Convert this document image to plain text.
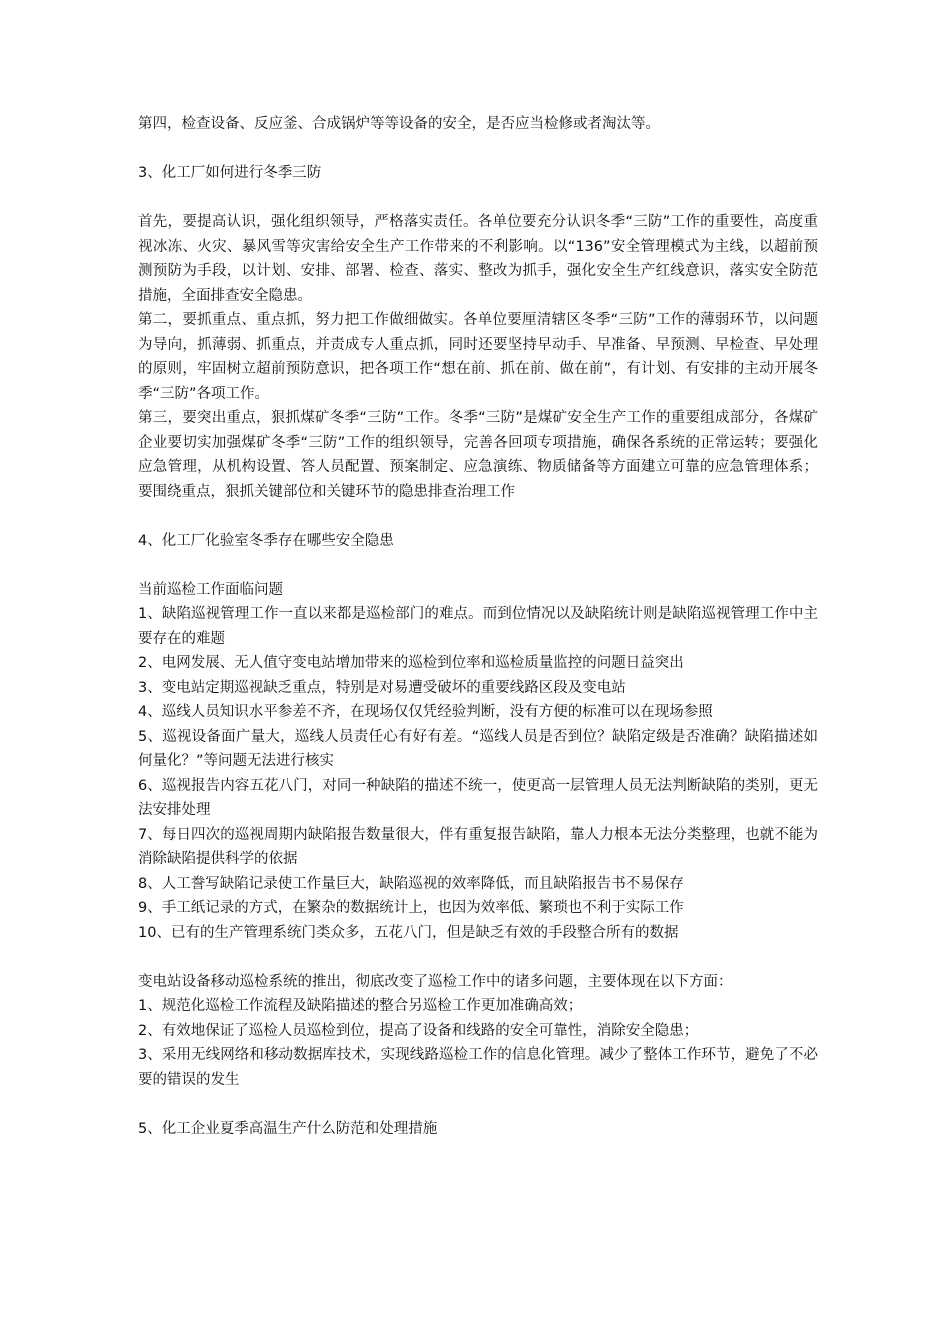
第四，检查设备、反应釜、合成锅炉等等设备的安全，是否应当检修或者淘汰等。

3、化工厂如何进行冬季三防

首先，要提高认识，强化组织领导，严格落实责任。各单位要充分认识冬季“三防”工作的重要性，高度重视冰冻、火灾、暴风雪等灾害给安全生产工作带来的不利影响。以“136”安全管理模式为主线，以超前预测预防为手段，以计划、安排、部署、检查、落实、整改为抓手，强化安全生产红线意识，落实安全防范措施，全面排查安全隐患。

第二，要抓重点、重点抓，努力把工作做细做实。各单位要厘清辖区冬季“三防”工作的薄弱环节，以问题为导向，抓薄弱、抓重点，并责成专人重点抓，同时还要坚持早动手、早准备、早预测、早检查、早处理的原则，牢固树立超前预防意识，把各项工作“想在前、抓在前、做在前”，有计划、有安排的主动开展冬季“三防”各项工作。

第三，要突出重点，狠抓煤矿冬季“三防”工作。冬季“三防”是煤矿安全生产工作的重要组成部分，各煤矿企业要切实加强煤矿冬季“三防”工作的组织领导，完善各回项专项措施，确保各系统的正常运转；要强化应急管理，从机构设置、答人员配置、预案制定、应急演练、物质储备等方面建立可靠的应急管理体系；要围绕重点，狠抓关键部位和关键环节的隐患排查治理工作

4、化工厂化验室冬季存在哪些安全隐患

当前巡检工作面临问题

1、缺陷巡视管理工作一直以来都是巡检部门的难点。而到位情况以及缺陷统计则是缺陷巡视管理工作中主要存在的难题

2、电网发展、无人值守变电站增加带来的巡检到位率和巡检质量监控的问题日益突出

3、变电站定期巡视缺乏重点，特别是对易遭受破坏的重要线路区段及变电站

4、巡线人员知识水平参差不齐，在现场仅仅凭经验判断，没有方便的标准可以在现场参照

5、巡视设备面广量大，巡线人员责任心有好有差。“巡线人员是否到位？缺陷定级是否准确？缺陷描述如何量化？”等问题无法进行核实

6、巡视报告内容五花八门，对同一种缺陷的描述不统一，使更高一层管理人员无法判断缺陷的类别，更无法安排处理

7、每日四次的巡视周期内缺陷报告数量很大，伴有重复报告缺陷，靠人力根本无法分类整理，也就不能为消除缺陷提供科学的依据

8、人工誊写缺陷记录使工作量巨大，缺陷巡视的效率降低，而且缺陷报告书不易保存

9、手工纸记录的方式，在繁杂的数据统计上，也因为效率低、繁琐也不利于实际工作

10、已有的生产管理系统门类众多，五花八门，但是缺乏有效的手段整合所有的数据

变电站设备移动巡检系统的推出，彻底改变了巡检工作中的诸多问题，主要体现在以下方面：

1、规范化巡检工作流程及缺陷描述的整合另巡检工作更加准确高效；

2、有效地保证了巡检人员巡检到位，提高了设备和线路的安全可靠性，消除安全隐患；

3、采用无线网络和移动数据库技术，实现线路巡检工作的信息化管理。减少了整体工作环节，避免了不必要的错误的发生

5、化工企业夏季高温生产什么防范和处理措施
